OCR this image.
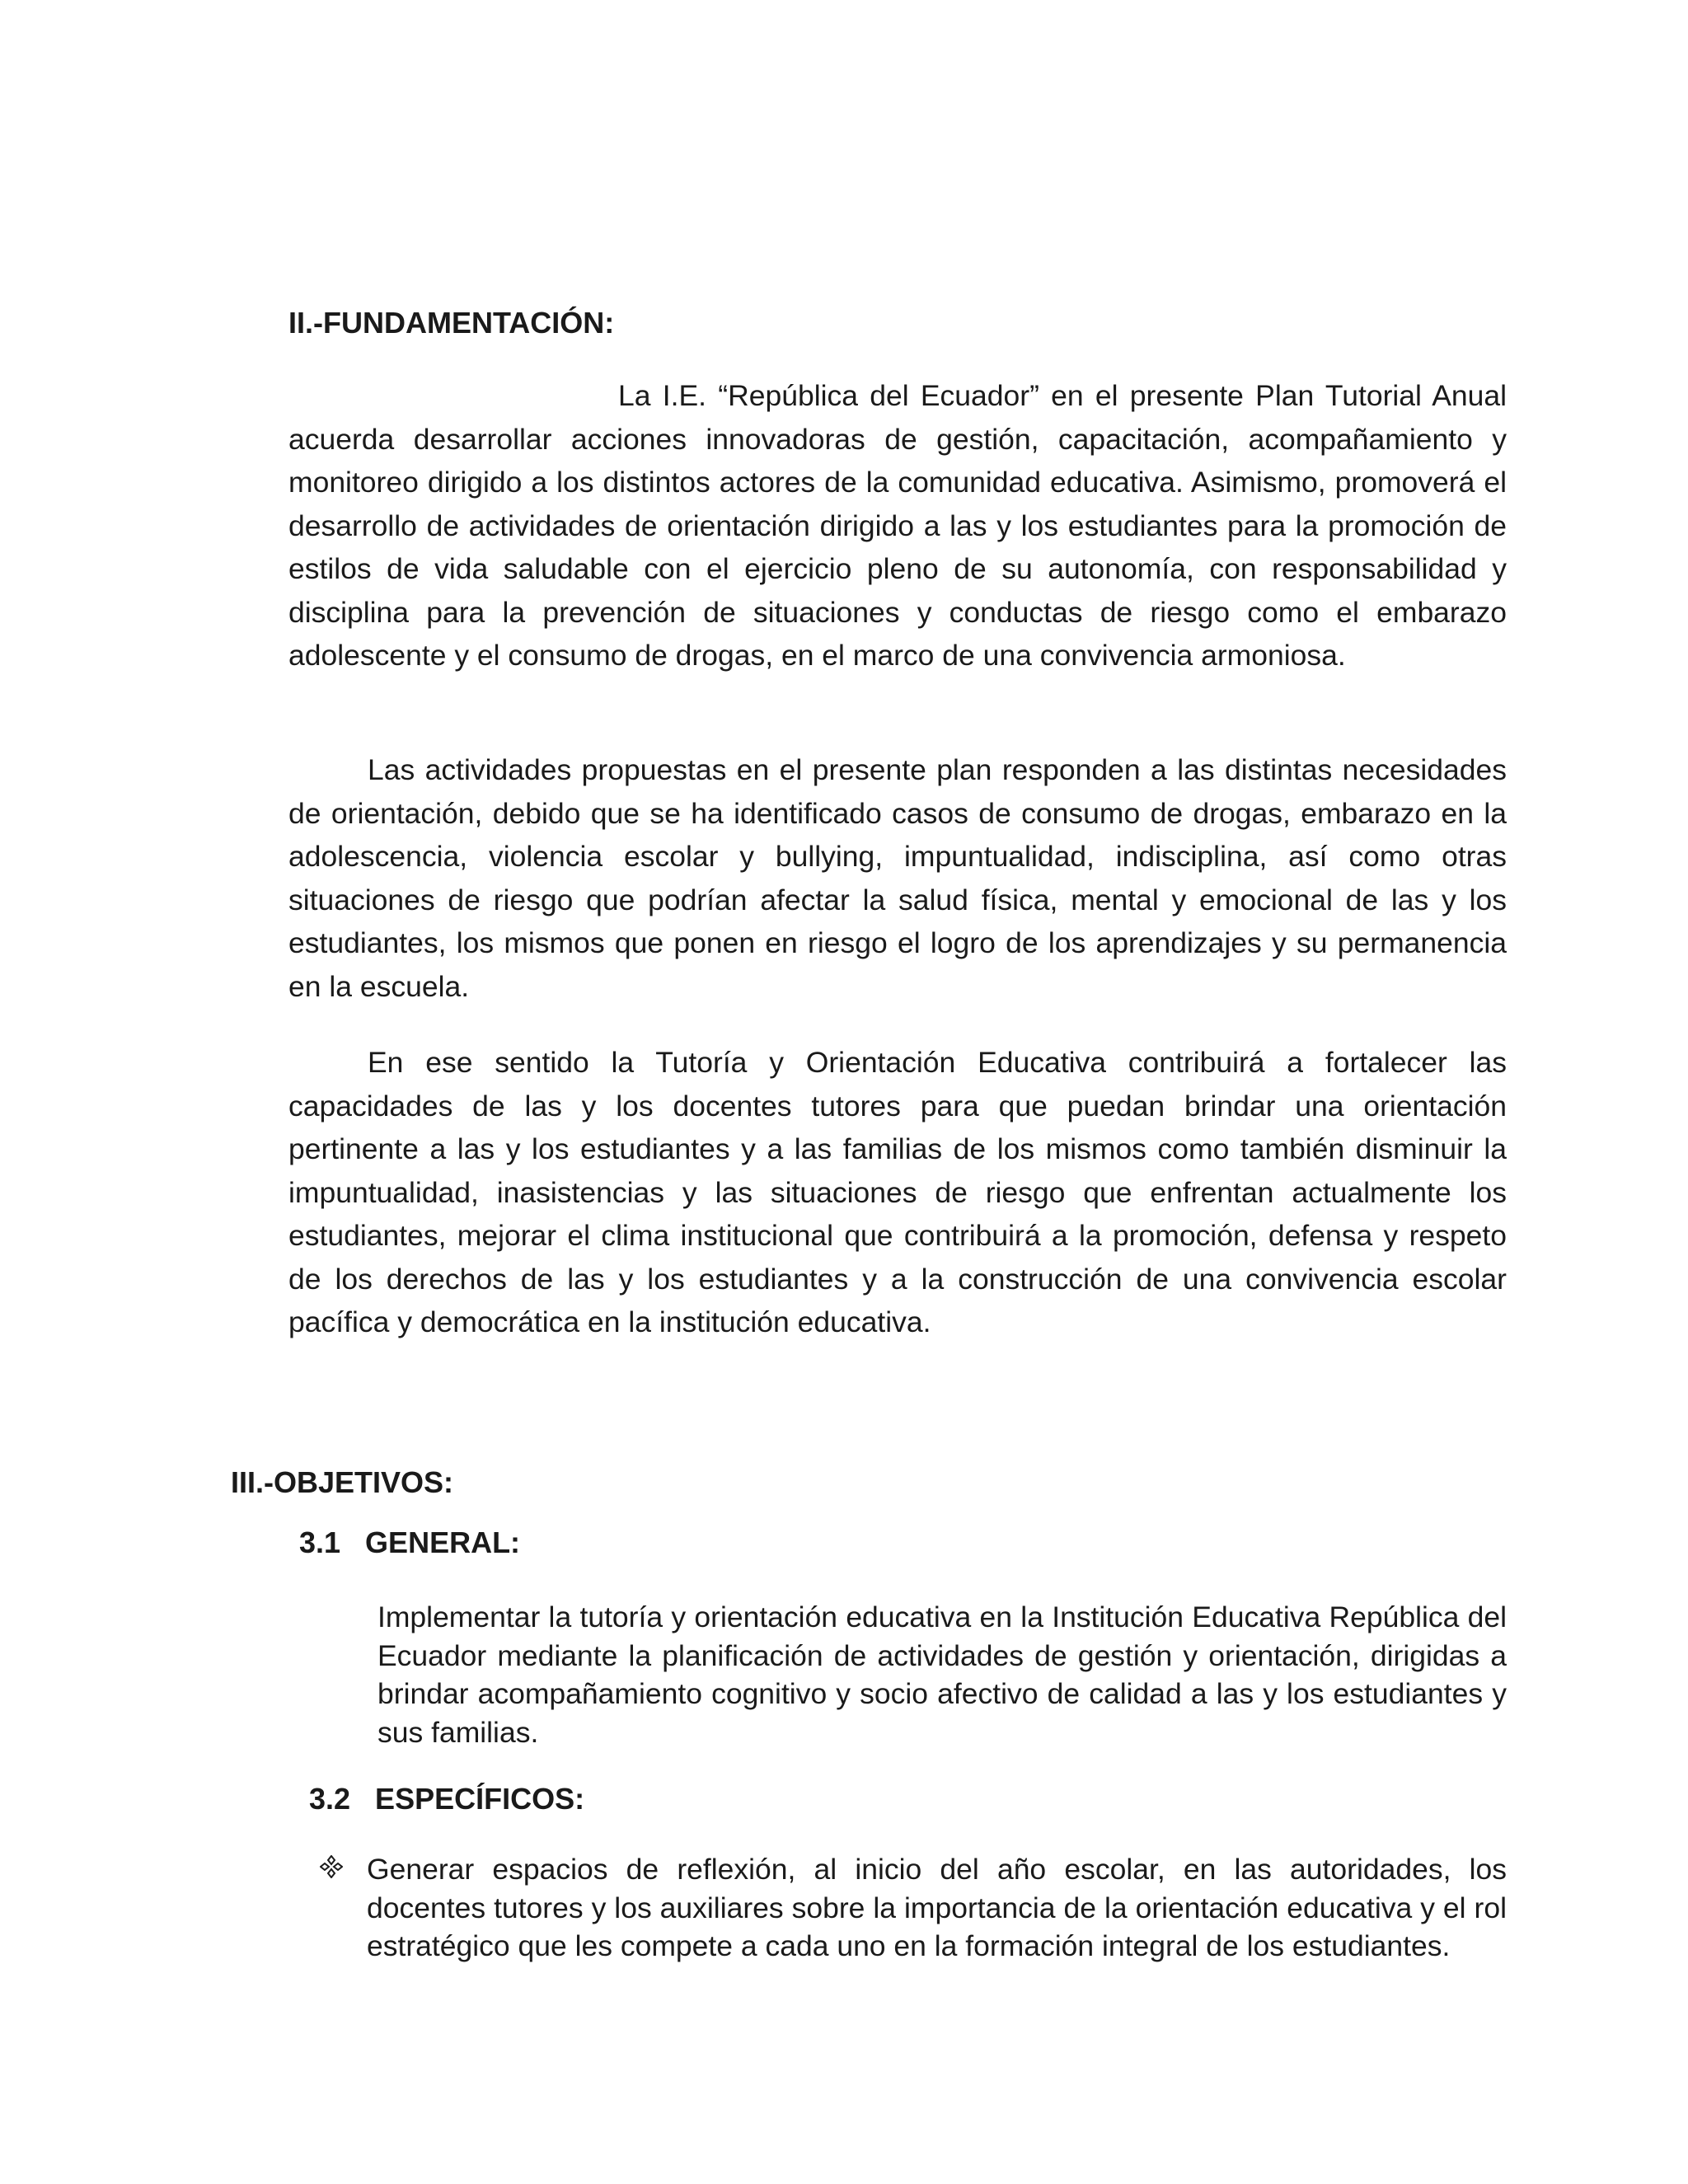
II.-FUNDAMENTACIÓN:
La I.E. “República del Ecuador” en el presente Plan Tutorial Anual acuerda desarrollar acciones innovadoras de gestión, capacitación, acompañamiento y monitoreo dirigido a los distintos actores de la comunidad educativa. Asimismo, promoverá el desarrollo de actividades de orientación dirigido a las y los estudiantes para la promoción de estilos de vida saludable con el ejercicio pleno de su autonomía, con responsabilidad y disciplina para la prevención de situaciones y conductas de riesgo como el embarazo adolescente y el consumo de drogas, en el marco de una convivencia armoniosa.
Las actividades propuestas en el presente plan responden a las distintas necesidades de orientación, debido que se ha identificado casos de consumo de drogas, embarazo en la adolescencia, violencia escolar y bullying, impuntualidad, indisciplina, así como otras situaciones de riesgo que podrían afectar la salud física, mental y emocional de las y los estudiantes, los mismos que ponen en riesgo el logro de los aprendizajes y su permanencia en la escuela.
En ese sentido la Tutoría y Orientación Educativa contribuirá a fortalecer las capacidades de las y los docentes tutores para que puedan brindar una orientación pertinente a las y los estudiantes y a las familias de los mismos como también disminuir la impuntualidad, inasistencias y las situaciones de riesgo que enfrentan actualmente los estudiantes, mejorar el clima institucional que contribuirá a la promoción, defensa y respeto de los derechos de las y los estudiantes y a la construcción de una convivencia escolar pacífica y democrática en la institución educativa.
III.-OBJETIVOS:
3.1   GENERAL:
Implementar la tutoría y orientación educativa en la Institución Educativa República del Ecuador mediante la planificación de actividades de gestión y orientación, dirigidas a brindar acompañamiento cognitivo y socio afectivo de calidad a las y los estudiantes y sus familias.
3.2   ESPECÍFICOS:
Generar espacios de reflexión, al inicio del año escolar, en las autoridades, los docentes tutores y los auxiliares sobre la importancia de la orientación educativa y el rol estratégico que les compete a cada uno en la formación integral de los estudiantes.
